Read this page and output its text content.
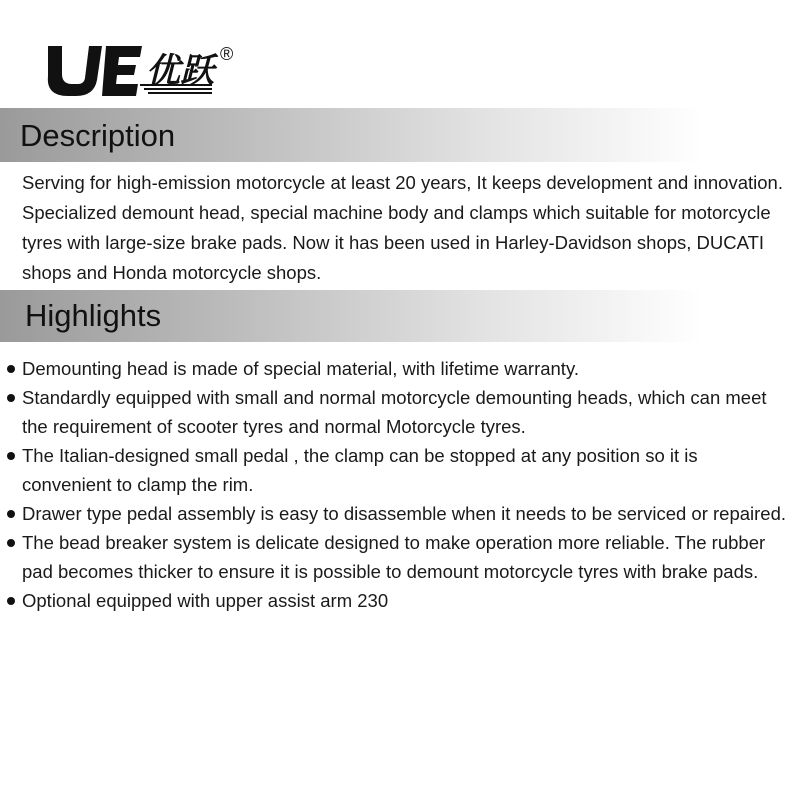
优跃 ®
Description

Serving for high-emission motorcycle at least 20 years, It keeps development and innovation. Specialized demount head, special machine body and clamps which suitable for motorcycle tyres with large-size brake pads. Now it has been used in Harley-Davidson shops, DUCATI shops and Honda motorcycle shops.

Highlights
Demounting head is made of special material, with lifetime warranty.
Standardly equipped with small and normal motorcycle demounting heads, which can meet the requirement of scooter tyres and normal Motorcycle tyres.
The Italian-designed small pedal , the clamp can be stopped at any position so it is convenient to clamp the rim.
Drawer type pedal assembly is easy to disassemble when it needs to be serviced or repaired.
The bead breaker system is delicate designed to make operation more reliable. The rubber pad becomes thicker to ensure it is possible to demount motorcycle tyres with brake pads.
Optional equipped with upper assist arm 230
